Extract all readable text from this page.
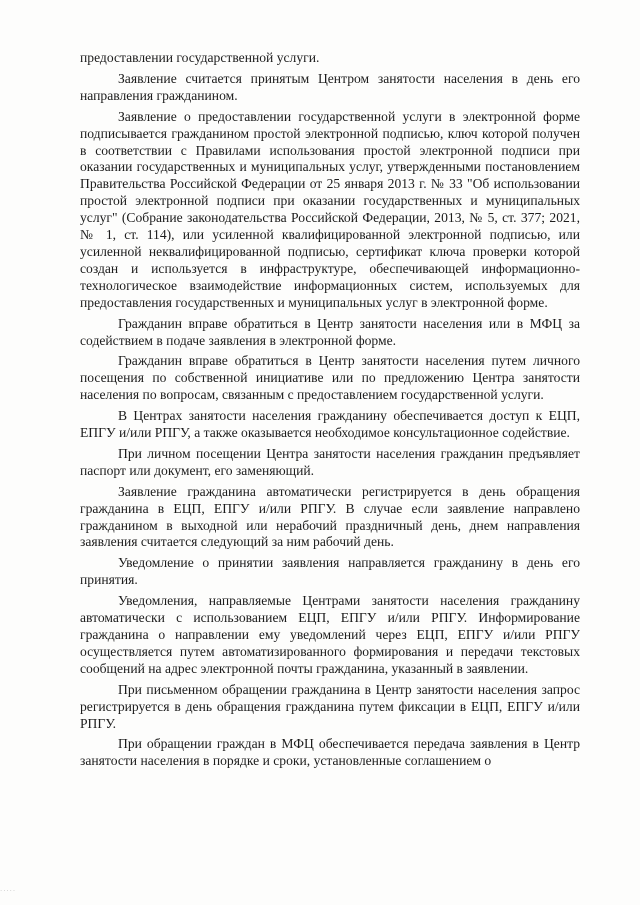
предоставлении государственной услуги.

Заявление считается принятым Центром занятости населения в день его направления гражданином.

Заявление о предоставлении государственной услуги в электронной форме подписывается гражданином простой электронной подписью, ключ которой получен в соответствии с Правилами использования простой электронной подписи при оказании государственных и муниципальных услуг, утвержденными постановлением Правительства Российской Федерации от 25 января 2013 г. № 33 "Об использовании простой электронной подписи при оказании государственных и муниципальных услуг" (Собрание законодательства Российской Федерации, 2013, № 5, ст. 377; 2021, № 1, ст. 114), или усиленной квалифицированной электронной подписью, или усиленной неквалифицированной подписью, сертификат ключа проверки которой создан и используется в инфраструктуре, обеспечивающей информационно-технологическое взаимодействие информационных систем, используемых для предоставления государственных и муниципальных услуг в электронной форме.

Гражданин вправе обратиться в Центр занятости населения или в МФЦ за содействием в подаче заявления в электронной форме.

Гражданин вправе обратиться в Центр занятости населения путем личного посещения по собственной инициативе или по предложению Центра занятости населения по вопросам, связанным с предоставлением государственной услуги.

В Центрах занятости населения гражданину обеспечивается доступ к ЕЦП, ЕПГУ и/или РПГУ, а также оказывается необходимое консультационное содействие.

При личном посещении Центра занятости населения гражданин предъявляет паспорт или документ, его заменяющий.

Заявление гражданина автоматически регистрируется в день обращения гражданина в ЕЦП, ЕПГУ и/или РПГУ. В случае если заявление направлено гражданином в выходной или нерабочий праздничный день, днем направления заявления считается следующий за ним рабочий день.

Уведомление о принятии заявления направляется гражданину в день его принятия.

Уведомления, направляемые Центрами занятости населения гражданину автоматически с использованием ЕЦП, ЕПГУ и/или РПГУ. Информирование гражданина о направлении ему уведомлений через ЕЦП, ЕПГУ и/или РПГУ осуществляется путем автоматизированного формирования и передачи текстовых сообщений на адрес электронной почты гражданина, указанный в заявлении.

При письменном обращении гражданина в Центр занятости населения запрос регистрируется в день обращения гражданина путем фиксации в ЕЦП, ЕПГУ и/или РПГУ.

При обращении граждан в МФЦ обеспечивается передача заявления в Центр занятости населения в порядке и сроки, установленные соглашением о

.....
